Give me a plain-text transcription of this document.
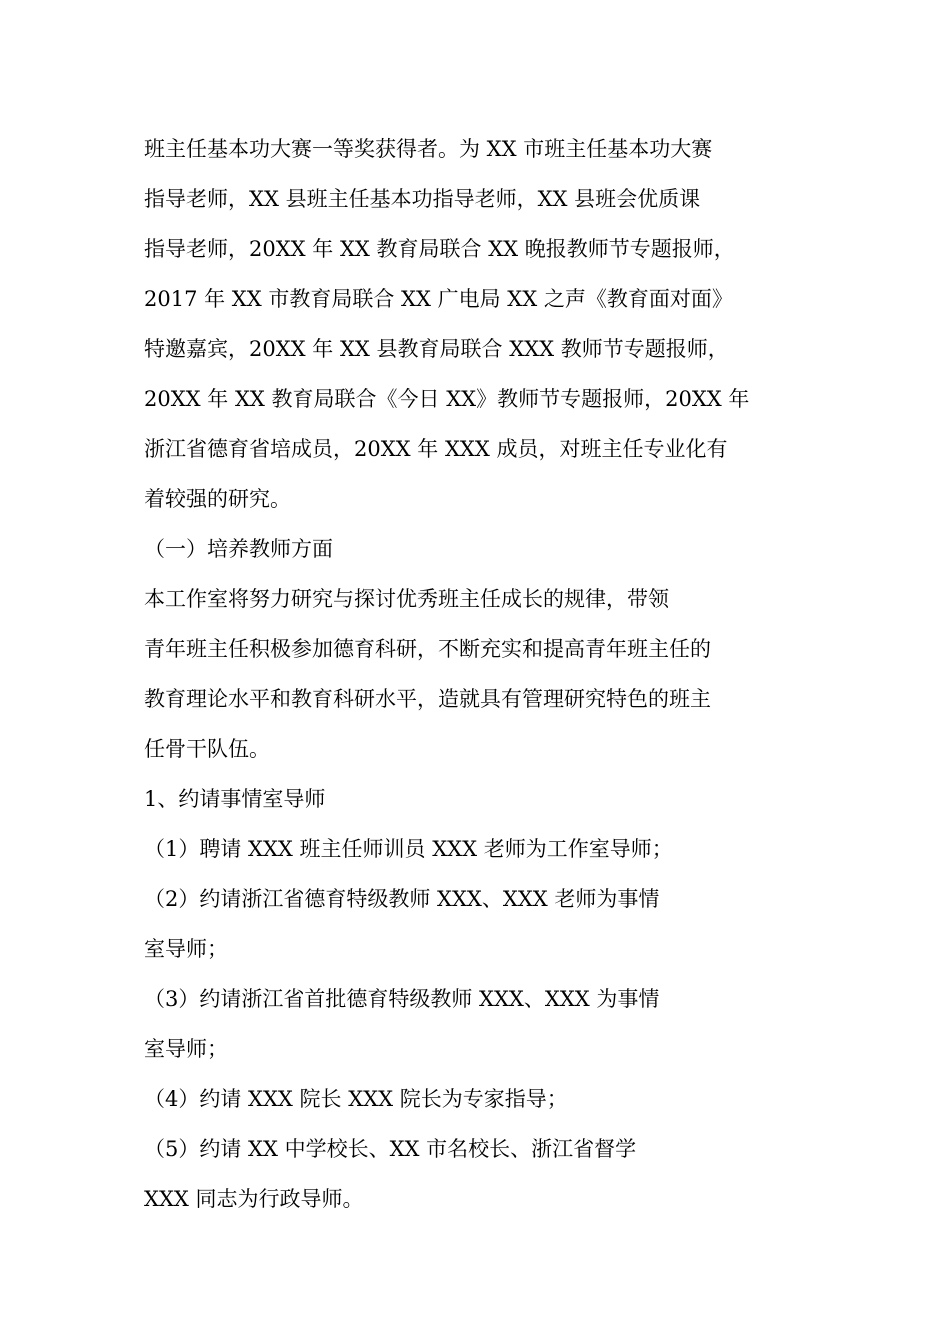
班主任基本功大赛一等奖获得者。为 XX 市班主任基本功大赛
指导老师，XX 县班主任基本功指导老师，XX 县班会优质课
指导老师，20XX 年 XX 教育局联合 XX 晚报教师节专题报师，
2017 年 XX 市教育局联合 XX 广电局 XX 之声《教育面对面》
特邀嘉宾，20XX 年 XX 县教育局联合 XXX 教师节专题报师，
20XX 年 XX 教育局联合《今日 XX》教师节专题报师，20XX 年
浙江省德育省培成员，20XX 年 XXX 成员，对班主任专业化有
着较强的研究。
（一）培养教师方面
本工作室将努力研究与探讨优秀班主任成长的规律，带领
青年班主任积极参加德育科研，不断充实和提高青年班主任的
教育理论水平和教育科研水平，造就具有管理研究特色的班主
任骨干队伍。
1、约请事情室导师
（1）聘请 XXX 班主任师训员 XXX 老师为工作室导师；
（2）约请浙江省德育特级教师 XXX、XXX 老师为事情
室导师；
（3）约请浙江省首批德育特级教师 XXX、XXX 为事情
室导师；
（4）约请 XXX 院长 XXX 院长为专家指导；
（5）约请 XX 中学校长、XX 市名校长、浙江省督学
XXX 同志为行政导师。
